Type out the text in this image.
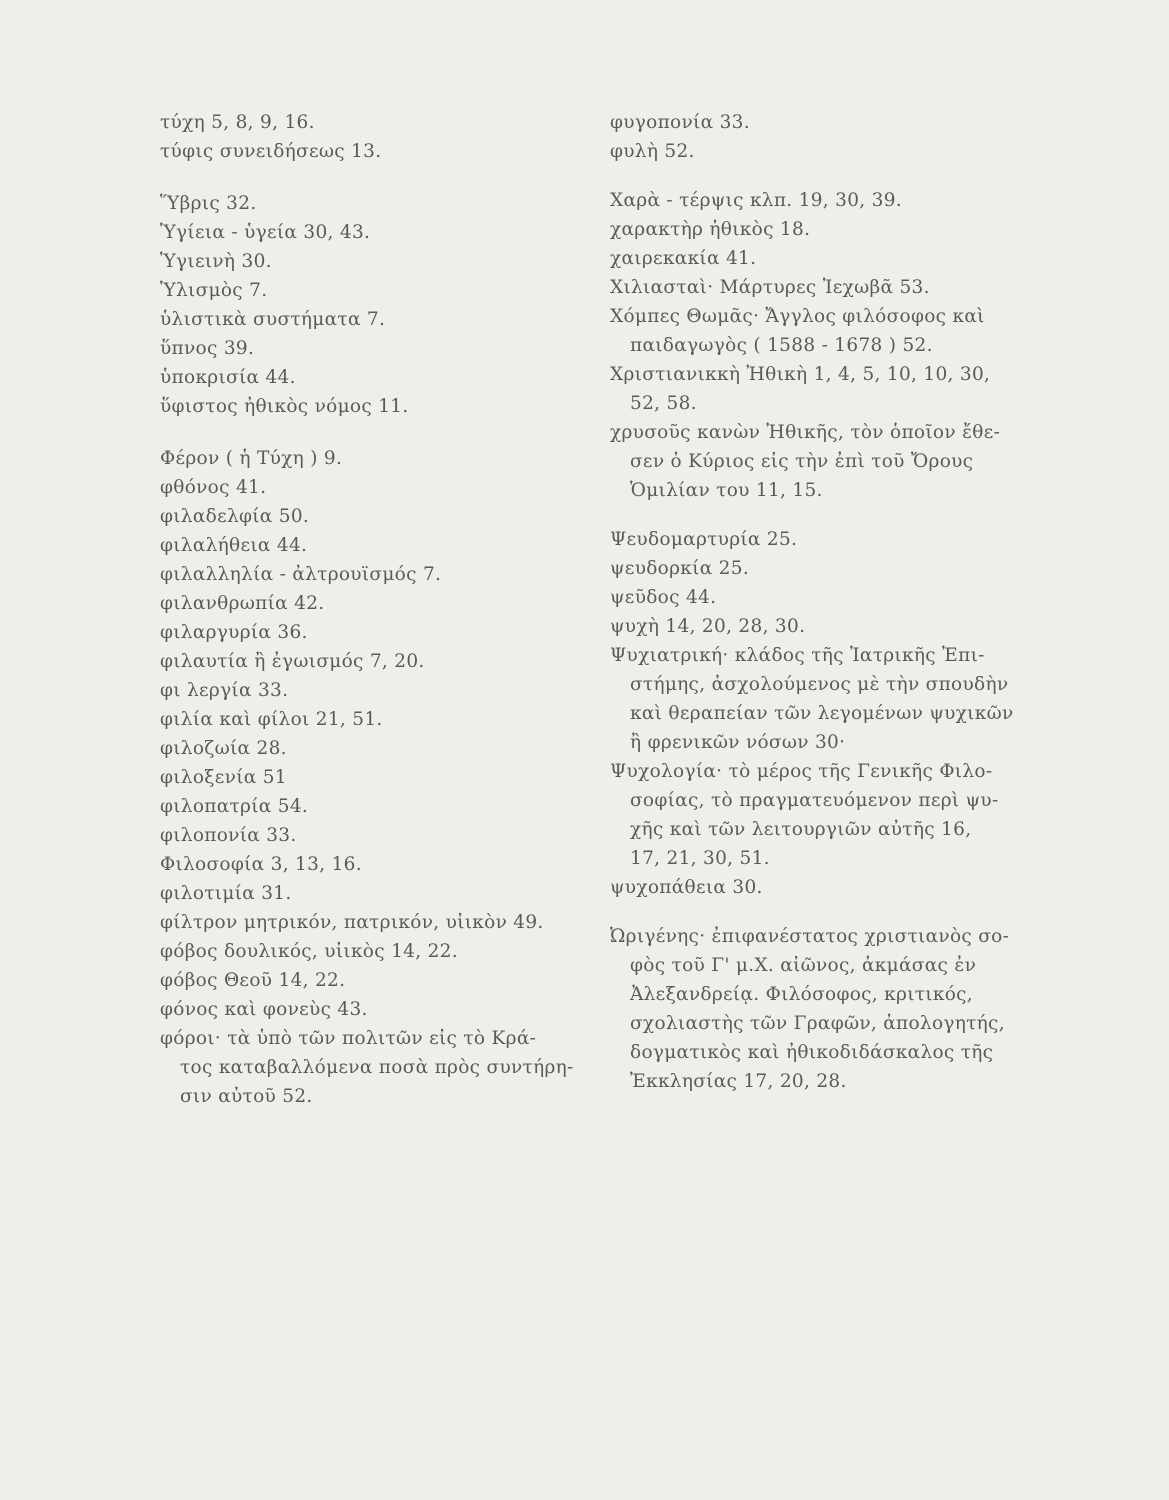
τύχη 5, 8, 9, 16.
τύφις συνειδήσεως 13.
Ὕβρις 32.
Ὑγίεια - ὑγεία 30, 43.
Ὑγιεινὴ 30.
Ὑλισμὸς 7.
ὑλιστικὰ συστήματα 7.
ὕπνος 39.
ὑποκρισία 44.
ὕφιστος ἠθικὸς νόμος 11.
Φέρον ( ἡ Τύχη ) 9.
φθόνος 41.
φιλαδελφία 50.
φιλαλήθεια 44.
φιλαλληλία - ἀλτρουϊσμός 7.
φιλανθρωπία 42.
φιλαργυρία 36.
φιλαυτία ἢ ἐγωισμός 7, 20.
φι λεργία 33.
φιλία καὶ φίλοι 21, 51.
φιλοζωία 28.
φιλοξενία 51
φιλοπατρία 54.
φιλοπονία 33.
Φιλοσοφία 3, 13, 16.
φιλοτιμία 31.
φίλτρον μητρικόν, πατρικόν, υἱικὸν 49.
φόβος δουλικός, υἱικὸς 14, 22.
φόβος Θεοῦ 14, 22.
φόνος καὶ φονεὺς 43.
φόροι· τὰ ὑπὸ τῶν πολιτῶν εἰς τὸ Κρά-
τος καταβαλλόμενα ποσὰ πρὸς συντήρη-
σιν αὐτοῦ 52.
φυγοπονία 33.
φυλὴ 52.
Χαρὰ - τέρψις κλπ. 19, 30, 39.
χαρακτὴρ ἠθικὸς 18.
χαιρεκακία 41.
Χιλιασταὶ· Μάρτυρες Ἰεχωβᾶ 53.
Χόμπες Θωμᾶς· Ἄγγλος φιλόσοφος καὶ
παιδαγωγὸς ( 1588 - 1678 ) 52.
Χριστιανικκὴ Ἠθικὴ 1, 4, 5, 10, 10, 30,
52, 58.
χρυσοῦς κανὼν Ἠθικῆς, τὸν ὁποῖον ἔθε-
σεν ὁ Κύριος εἰς τὴν ἐπὶ τοῦ Ὄρους
Ὁμιλίαν του 11, 15.
Ψευδομαρτυρία 25.
ψευδορκία 25.
ψεῦδος 44.
ψυχὴ 14, 20, 28, 30.
Ψυχιατρική· κλάδος τῆς Ἰατρικῆς Ἐπι-
στήμης, ἀσχολούμενος μὲ τὴν σπουδὴν
καὶ θεραπείαν τῶν λεγομένων ψυχικῶν
ἢ φρενικῶν νόσων 30·
Ψυχολογία· τὸ μέρος τῆς Γενικῆς Φιλο-
σοφίας, τὸ πραγματευόμενον περὶ ψυ-
χῆς καὶ τῶν λειτουργιῶν αὐτῆς 16,
17, 21, 30, 51.
ψυχοπάθεια 30.
Ὠριγένης· ἐπιφανέστατος χριστιανὸς σο-
φὸς τοῦ Γ' μ.Χ. αἰῶνος, ἀκμάσας ἐν
Ἀλεξανδρείᾳ. Φιλόσοφος, κριτικός,
σχολιαστὴς τῶν Γραφῶν, ἀπολογητής,
δογματικὸς καὶ ἠθικοδιδάσκαλος τῆς
Ἐκκλησίας 17, 20, 28.
